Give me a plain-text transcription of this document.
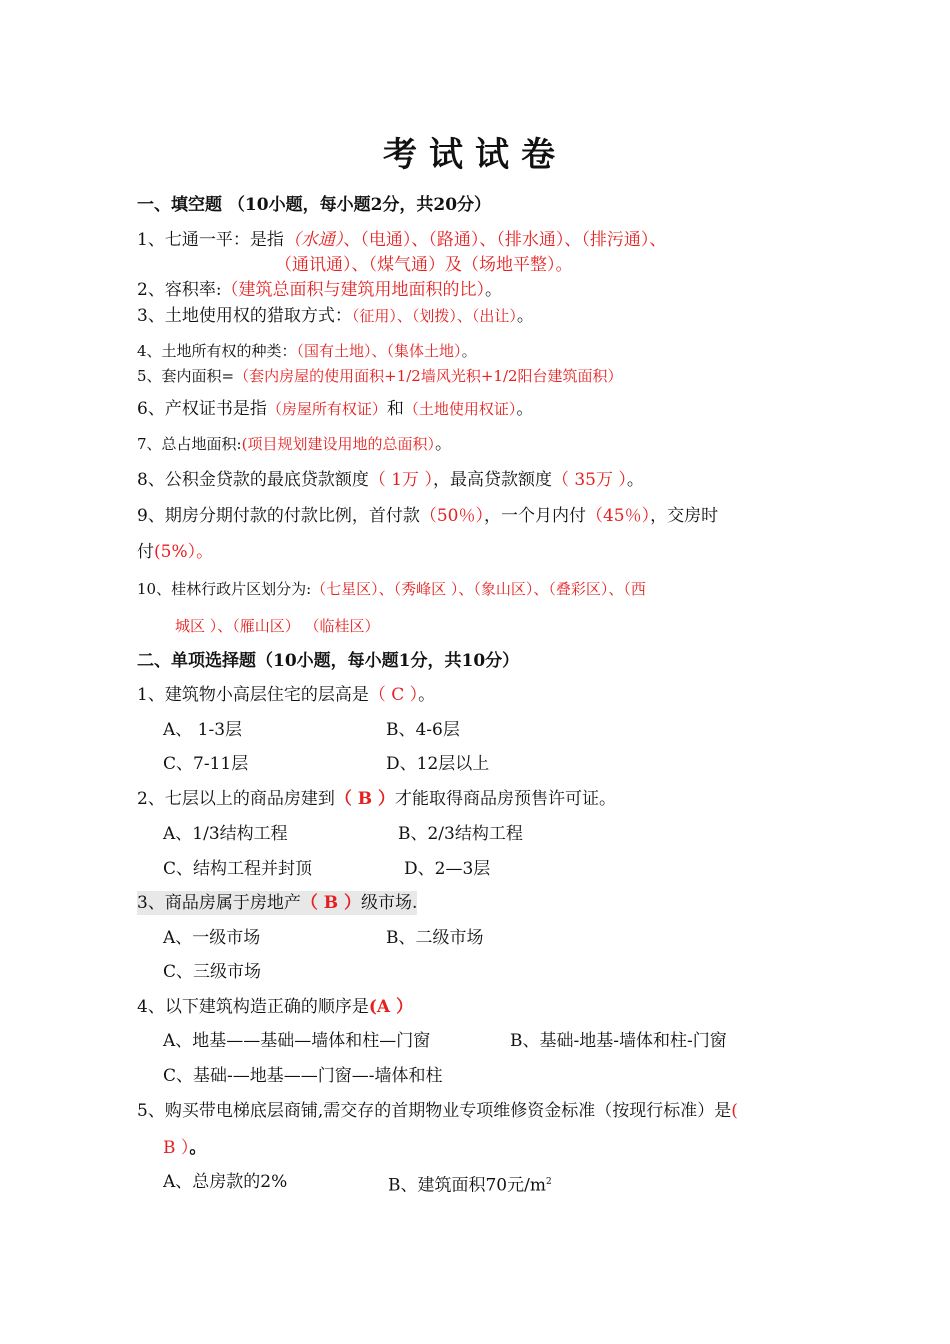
考试试卷
一、填空题 （10小题，每小题2分，共20分）
1、七通一平：是指（水通）、（电通）、（路通）、（排水通）、（排污通）、
（通讯通）、（煤气通）及（场地平整）。
2、容积率:（建筑总面积与建筑用地面积的比）。
3、土地使用权的猎取方式：（征用）、（划拨）、（出让）。
4、土地所有权的种类：（国有土地）、（集体土地）。
5、套内面积=（套内房屋的使用面积+1/2墙风光积+1/2阳台建筑面积）
6、产权证书是指（房屋所有权证）和（土地使用权证）。
7、总占地面积:(项目规划建设用地的总面积）。
8、公积金贷款的最底贷款额度（ 1万 ），最高贷款额度（ 35万 ）。
9、期房分期付款的付款比例，首付款（50％），一个月内付（45％），交房时
付(5%）。
10、桂林行政片区划分为:（七星区）、（秀峰区 ）、（象山区）、（叠彩区）、（西
城区 ）、（雁山区） （临桂区）
二、单项选择题（10小题，每小题1分，共10分）
1、建筑物小高层住宅的层高是（ C ）。
A、 1-3层	B、4-6层
C、7-11层	D、12层以上
2、七层以上的商品房建到（ B ）才能取得商品房预售许可证。
A、1/3结构工程	B、2/3结构工程
C、结构工程并封顶	D、2—3层
3、商品房属于房地产（ B ）级市场.
A、一级市场	B、二级市场
C、三级市场
4、以下建筑构造正确的顺序是(A ）
A、地基——基础—墙体和柱—门窗	B、基础-地基-墙体和柱-门窗
C、基础-—地基——门窗—-墙体和柱
5、购买带电梯底层商铺,需交存的首期物业专项维修资金标准（按现行标准）是(
B ）。
A、总房款的2%	B、建筑面积70元$/m^2$
